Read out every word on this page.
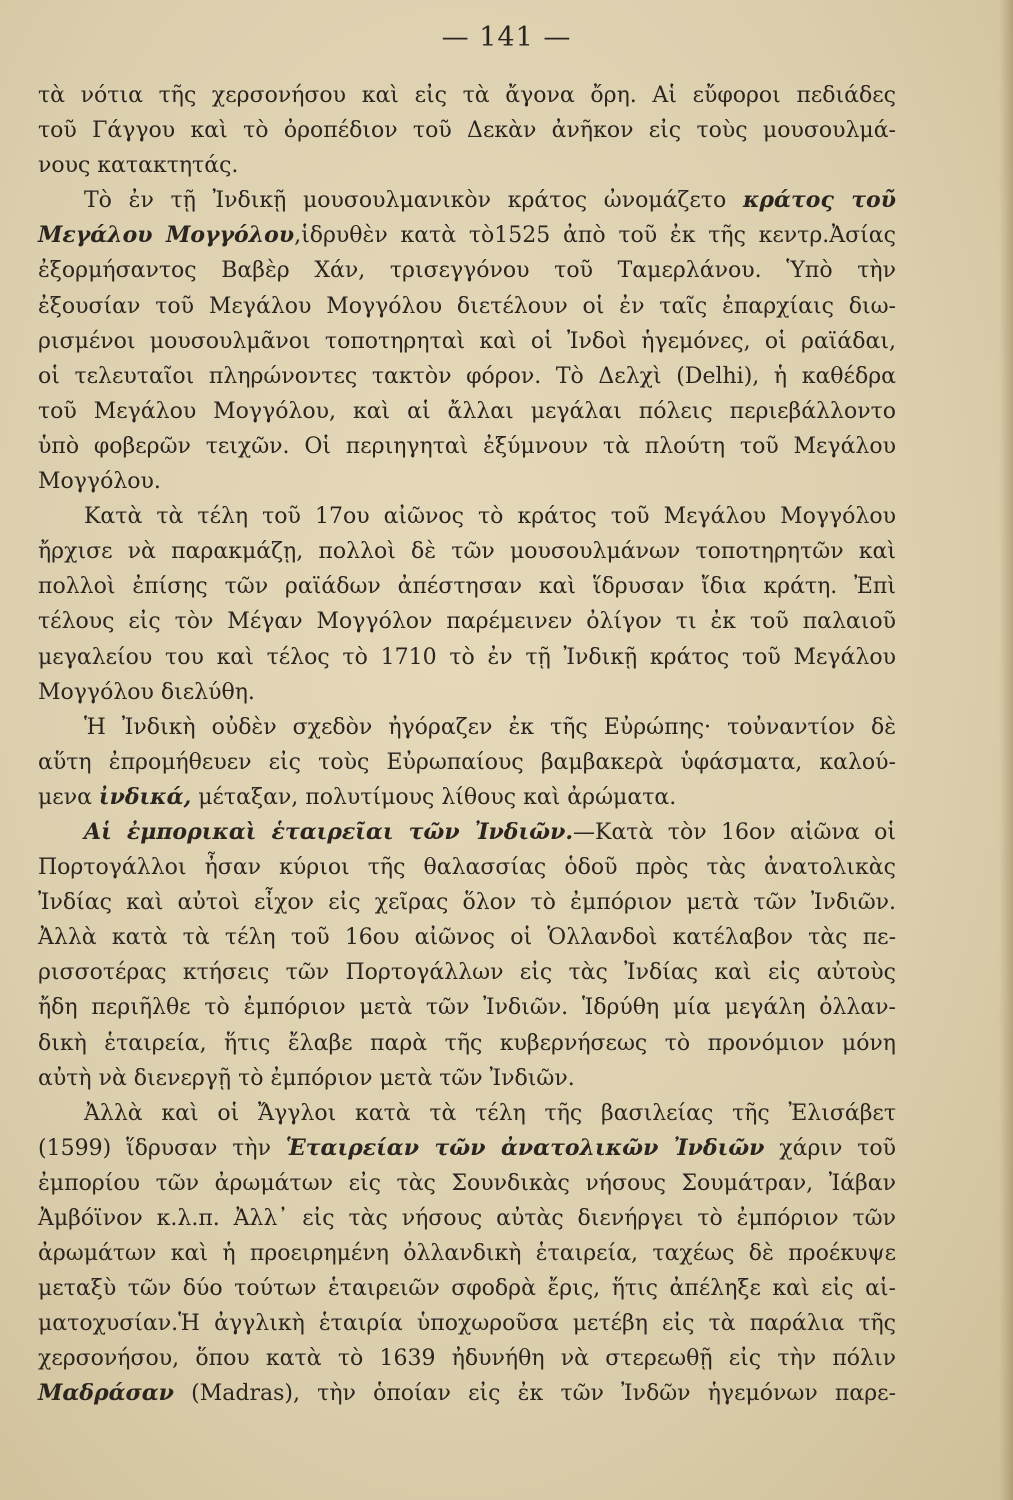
— 141 —
τὰ νότια τῆς χερσονήσου καὶ εἰς τὰ ἄγονα ὄρη. Αἱ εὔφοροι πεδιάδες
τοῦ Γάγγου καὶ τὸ ὀροπέδιον τοῦ Δεκὰν ἀνῆκον εἰς τοὺς μουσουλμά-
νους κατακτητάς.
Τὸ ἐν τῇ Ἰνδικῇ μουσουλμανικὸν κράτος ὠνομάζετο κράτος τοῦ
Μεγάλου Μογγόλου,ἱδρυθὲν κατὰ τὸ1525 ἀπὸ τοῦ ἐκ τῆς κεντρ.Ἀσίας
ἐξορμήσαντος Βαβὲρ Χάν, τρισεγγόνου τοῦ Ταμερλάνου. Ὑπὸ τὴν
ἐξουσίαν τοῦ Μεγάλου Μογγόλου διετέλουν οἱ ἐν ταῖς ἐπαρχίαις διω-
ρισμένοι μουσουλμᾶνοι τοποτηρηταὶ καὶ οἱ Ἰνδοὶ ἡγεμόνες, οἱ ραϊάδαι,
οἱ τελευταῖοι πληρώνοντες τακτὸν φόρον. Τὸ Δελχὶ (Delhi), ἡ καθέδρα
τοῦ Μεγάλου Μογγόλου, καὶ αἱ ἄλλαι μεγάλαι πόλεις περιεβάλλοντο
ὑπὸ φοβερῶν τειχῶν. Οἱ περιηγηταὶ ἐξύμνουν τὰ πλούτη τοῦ Μεγάλου
Μογγόλου.
Κατὰ τὰ τέλη τοῦ 17ου αἰῶνος τὸ κράτος τοῦ Μεγάλου Μογγόλου
ἤρχισε νὰ παρακμάζῃ, πολλοὶ δὲ τῶν μουσουλμάνων τοποτηρητῶν καὶ
πολλοὶ ἐπίσης τῶν ραϊάδων ἀπέστησαν καὶ ἵδρυσαν ἴδια κράτη. Ἐπὶ
τέλους εἰς τὸν Μέγαν Μογγόλον παρέμεινεν ὀλίγον τι ἐκ τοῦ παλαιοῦ
μεγαλείου του καὶ τέλος τὸ 1710 τὸ ἐν τῇ Ἰνδικῇ κράτος τοῦ Μεγάλου
Μογγόλου διελύθη.
Ἡ Ἰνδικὴ οὐδὲν σχεδὸν ἠγόραζεν ἐκ τῆς Εὐρώπης· τοὐναντίον δὲ
αὕτη ἐπρομήθευεν εἰς τοὺς Εὐρωπαίους βαμβακερὰ ὑφάσματα, καλού-
μενα ἰνδικά, μέταξαν, πολυτίμους λίθους καὶ ἀρώματα.
Αἱ ἐμπορικαὶ ἑταιρεῖαι τῶν Ἰνδιῶν.—Κατὰ τὸν 16ον αἰῶνα οἱ
Πορτογάλλοι ἦσαν κύριοι τῆς θαλασσίας ὁδοῦ πρὸς τὰς ἀνατολικὰς
Ἰνδίας καὶ αὐτοὶ εἶχον εἰς χεῖρας ὅλον τὸ ἐμπόριον μετὰ τῶν Ἰνδιῶν.
Ἀλλὰ κατὰ τὰ τέλη τοῦ 16ου αἰῶνος οἱ Ὁλλανδοὶ κατέλαβον τὰς πε-
ρισσοτέρας κτήσεις τῶν Πορτογάλλων εἰς τὰς Ἰνδίας καὶ εἰς αὐτοὺς
ἤδη περιῆλθε τὸ ἐμπόριον μετὰ τῶν Ἰνδιῶν. Ἱδρύθη μία μεγάλη ὀλλαν-
δικὴ ἑταιρεία, ἥτις ἔλαβε παρὰ τῆς κυβερνήσεως τὸ προνόμιον μόνη
αὐτὴ νὰ διενεργῇ τὸ ἐμπόριον μετὰ τῶν Ἰνδιῶν.
Ἀλλὰ καὶ οἱ Ἄγγλοι κατὰ τὰ τέλη τῆς βασιλείας τῆς Ἐλισάβετ
(1599) ἵδρυσαν τὴν Ἑταιρείαν τῶν ἀνατολικῶν Ἰνδιῶν χάριν τοῦ
ἐμπορίου τῶν ἀρωμάτων εἰς τὰς Σουνδικὰς νήσους Σουμάτραν, Ἰάβαν
Ἀμβόϊνον κ.λ.π. Ἀλλ᾿ εἰς τὰς νήσους αὐτὰς διενήργει τὸ ἐμπόριον τῶν
ἀρωμάτων καὶ ἡ προειρημένη ὀλλανδικὴ ἑταιρεία, ταχέως δὲ προέκυψε
μεταξὺ τῶν δύο τούτων ἑταιρειῶν σφοδρὰ ἔρις, ἥτις ἀπέληξε καὶ εἰς αἱ-
ματοχυσίαν.Ἡ ἀγγλικὴ ἑταιρία ὑποχωροῦσα μετέβη εἰς τὰ παράλια τῆς
χερσονήσου, ὅπου κατὰ τὸ 1639 ἠδυνήθη νὰ στερεωθῇ εἰς τὴν πόλιν
Μαδράσαν (Madras), τὴν ὁποίαν εἰς ἐκ τῶν Ἰνδῶν ἡγεμόνων παρε-
